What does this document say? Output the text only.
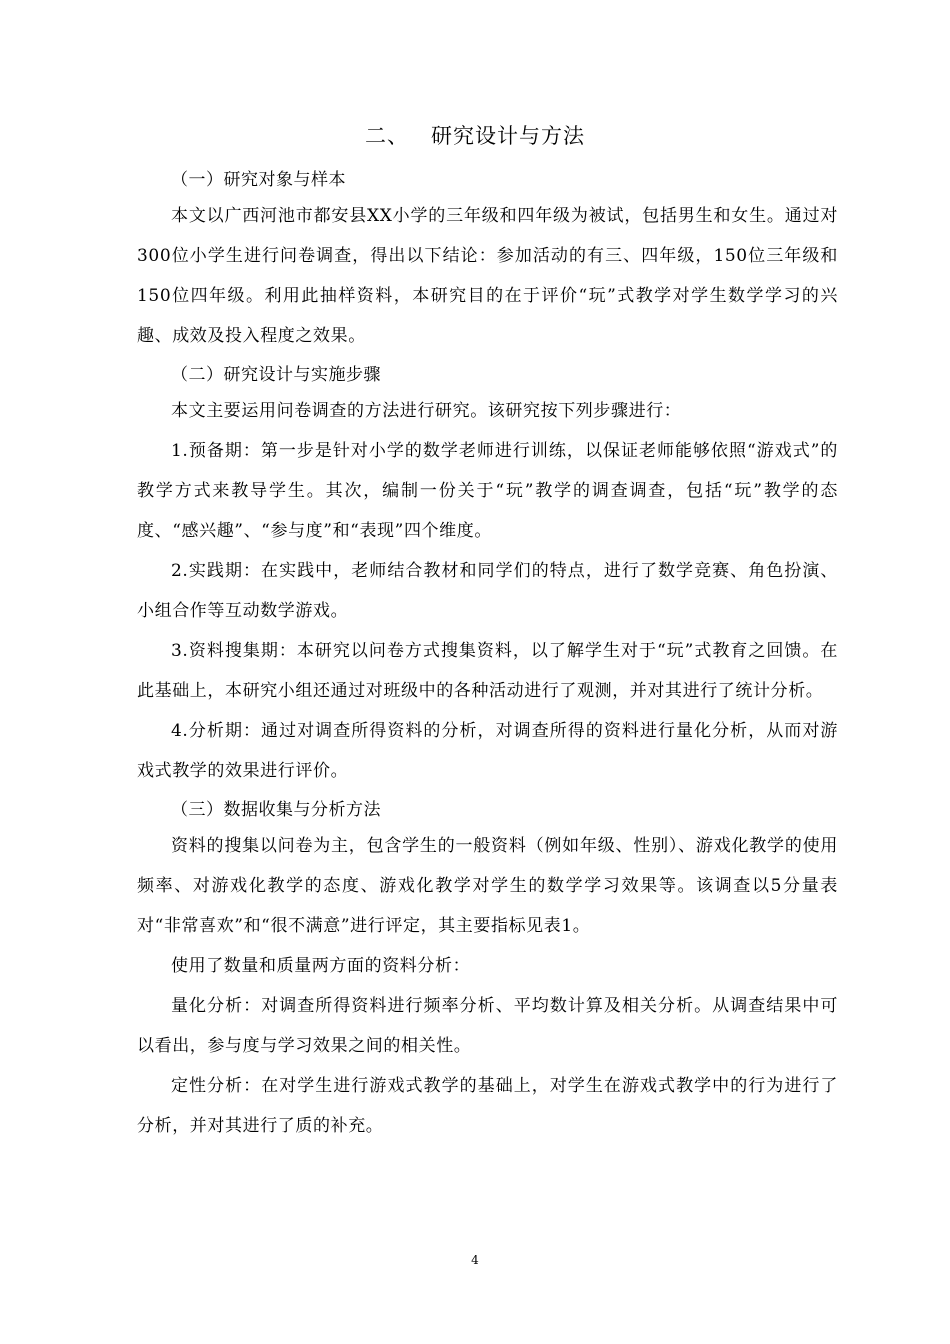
二、 研究设计与方法
（一）研究对象与样本

本文以广西河池市都安县XX小学的三年级和四年级为被试，包括男生和女生。通过对300位小学生进行问卷调查，得出以下结论：参加活动的有三、四年级，150位三年级和150位四年级。利用此抽样资料，本研究目的在于评价“玩”式教学对学生数学学习的兴趣、成效及投入程度之效果。

（二）研究设计与实施步骤

本文主要运用问卷调查的方法进行研究。该研究按下列步骤进行：

1.预备期：第一步是针对小学的数学老师进行训练，以保证老师能够依照“游戏式”的教学方式来教导学生。其次，编制一份关于“玩”教学的调查调查，包括“玩”教学的态度、“感兴趣”、“参与度”和“表现”四个维度。

2.实践期：在实践中，老师结合教材和同学们的特点，进行了数学竞赛、角色扮演、小组合作等互动数学游戏。

3.资料搜集期：本研究以问卷方式搜集资料，以了解学生对于“玩”式教育之回馈。在此基础上，本研究小组还通过对班级中的各种活动进行了观测，并对其进行了统计分析。

4.分析期：通过对调查所得资料的分析，对调查所得的资料进行量化分析，从而对游戏式教学的效果进行评价。

（三）数据收集与分析方法

资料的搜集以问卷为主，包含学生的一般资料（例如年级、性别）、游戏化教学的使用频率、对游戏化教学的态度、游戏化教学对学生的数学学习效果等。该调查以5分量表对“非常喜欢”和“很不满意”进行评定，其主要指标见表1。

使用了数量和质量两方面的资料分析：

量化分析：对调查所得资料进行频率分析、平均数计算及相关分析。从调查结果中可以看出，参与度与学习效果之间的相关性。

定性分析：在对学生进行游戏式教学的基础上，对学生在游戏式教学中的行为进行了分析，并对其进行了质的补充。

4
